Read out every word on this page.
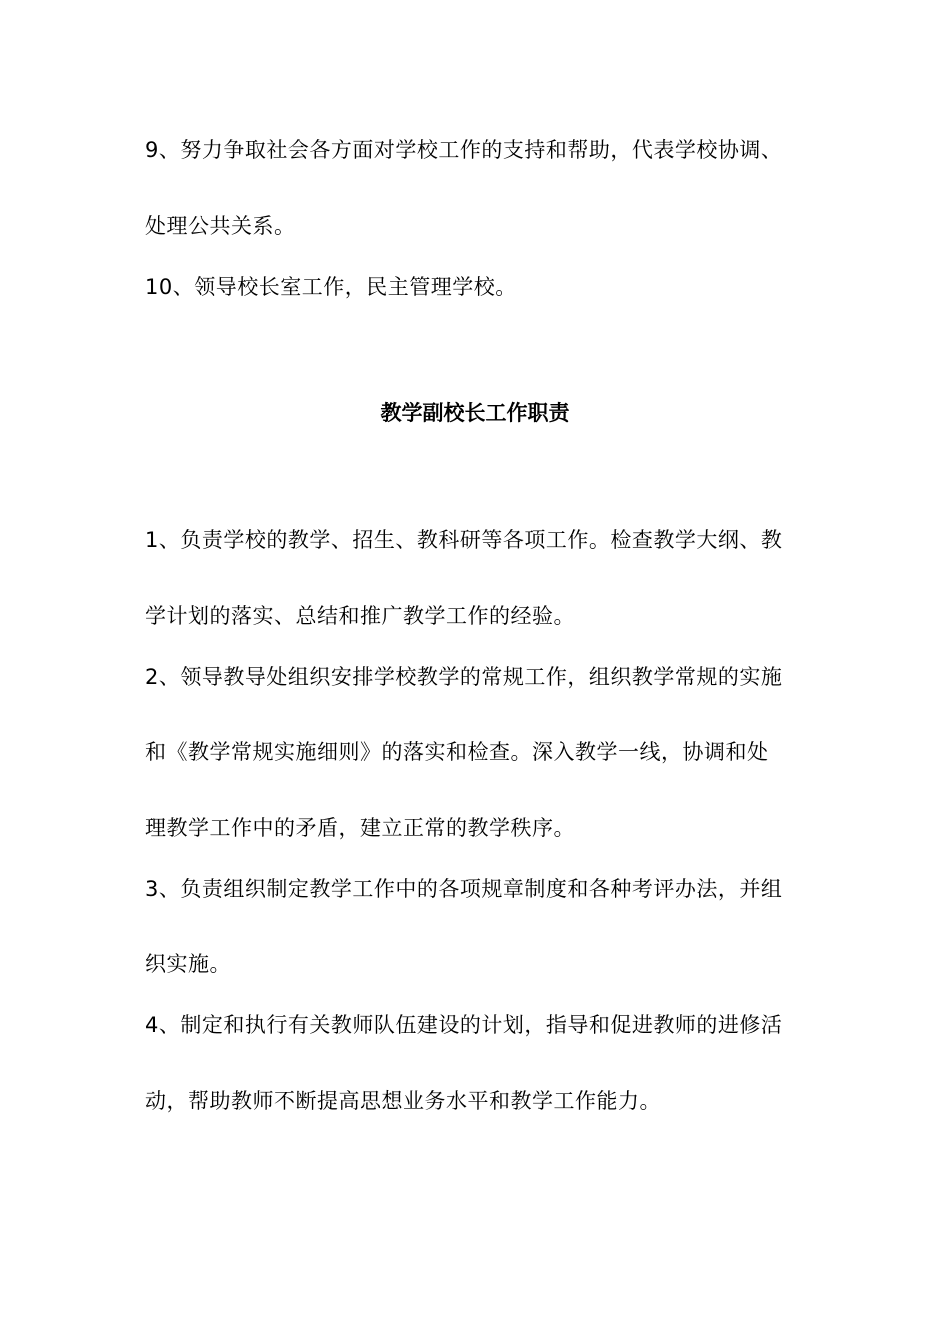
9、努力争取社会各方面对学校工作的支持和帮助，代表学校协调、
处理公共关系。
10、领导校长室工作，民主管理学校。
教学副校长工作职责
1、负责学校的教学、招生、教科研等各项工作。检查教学大纲、教
学计划的落实、总结和推广教学工作的经验。
2、领导教导处组织安排学校教学的常规工作，组织教学常规的实施
和《教学常规实施细则》的落实和检查。深入教学一线，协调和处
理教学工作中的矛盾，建立正常的教学秩序。
3、负责组织制定教学工作中的各项规章制度和各种考评办法，并组
织实施。
4、制定和执行有关教师队伍建设的计划，指导和促进教师的进修活
动，帮助教师不断提高思想业务水平和教学工作能力。
